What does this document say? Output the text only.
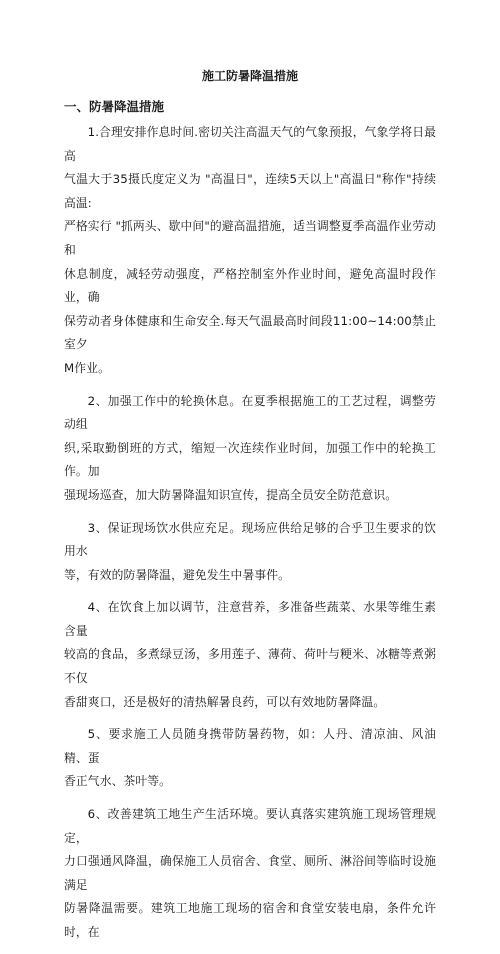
施工防暑降温措施
一、防暑降温措施

1.合理安排作息时间.密切关注高温天气的气象预报，气象学将日最高
气温大于35摄氏度定义为 "高温日"，连续5天以上"高温日"称作"持续高温:
严格实行 "抓两头、歇中间"的避高温措施，适当调整夏季高温作业劳动和
休息制度，减轻劳动强度，严格控制室外作业时间，避免高温时段作业，确
保劳动者身体健康和生命安全.每天气温最高时间段11:00~14:00禁止室夕
M作业。

2、加强工作中的轮换休息。在夏季根据施工的工艺过程，调整劳动组
织,采取勤倒班的方式，缩短一次连续作业时间，加强工作中的轮换工作。加
强现场巡查，加大防暑降温知识宣传，提高全员安全防范意识。

3、保证现场饮水供应充足。现场应供给足够的合乎卫生要求的饮用水
等，有效的防暑降温，避免发生中暑事件。

4、在饮食上加以调节，注意营养，多准备些蔬菜、水果等维生素含量
较高的食品，多煮绿豆汤，多用莲子、薄荷、荷叶与粳米、冰糖等煮粥不仅
香甜爽口，还是极好的清热解暑良药，可以有效地防暑降温。

5、要求施工人员随身携带防暑药物，如：人丹、清凉油、风油精、蛋
香正气水、茶叶等。

6、改善建筑工地生产生活环境。要认真落实建筑施工现场管理规定，
力口强通风降温，确保施工人员宿舍、食堂、厕所、淋浴间等临时设施满足
防暑降温需要。建筑工地施工现场的宿舍和食堂安装电扇，条件允许时，在
